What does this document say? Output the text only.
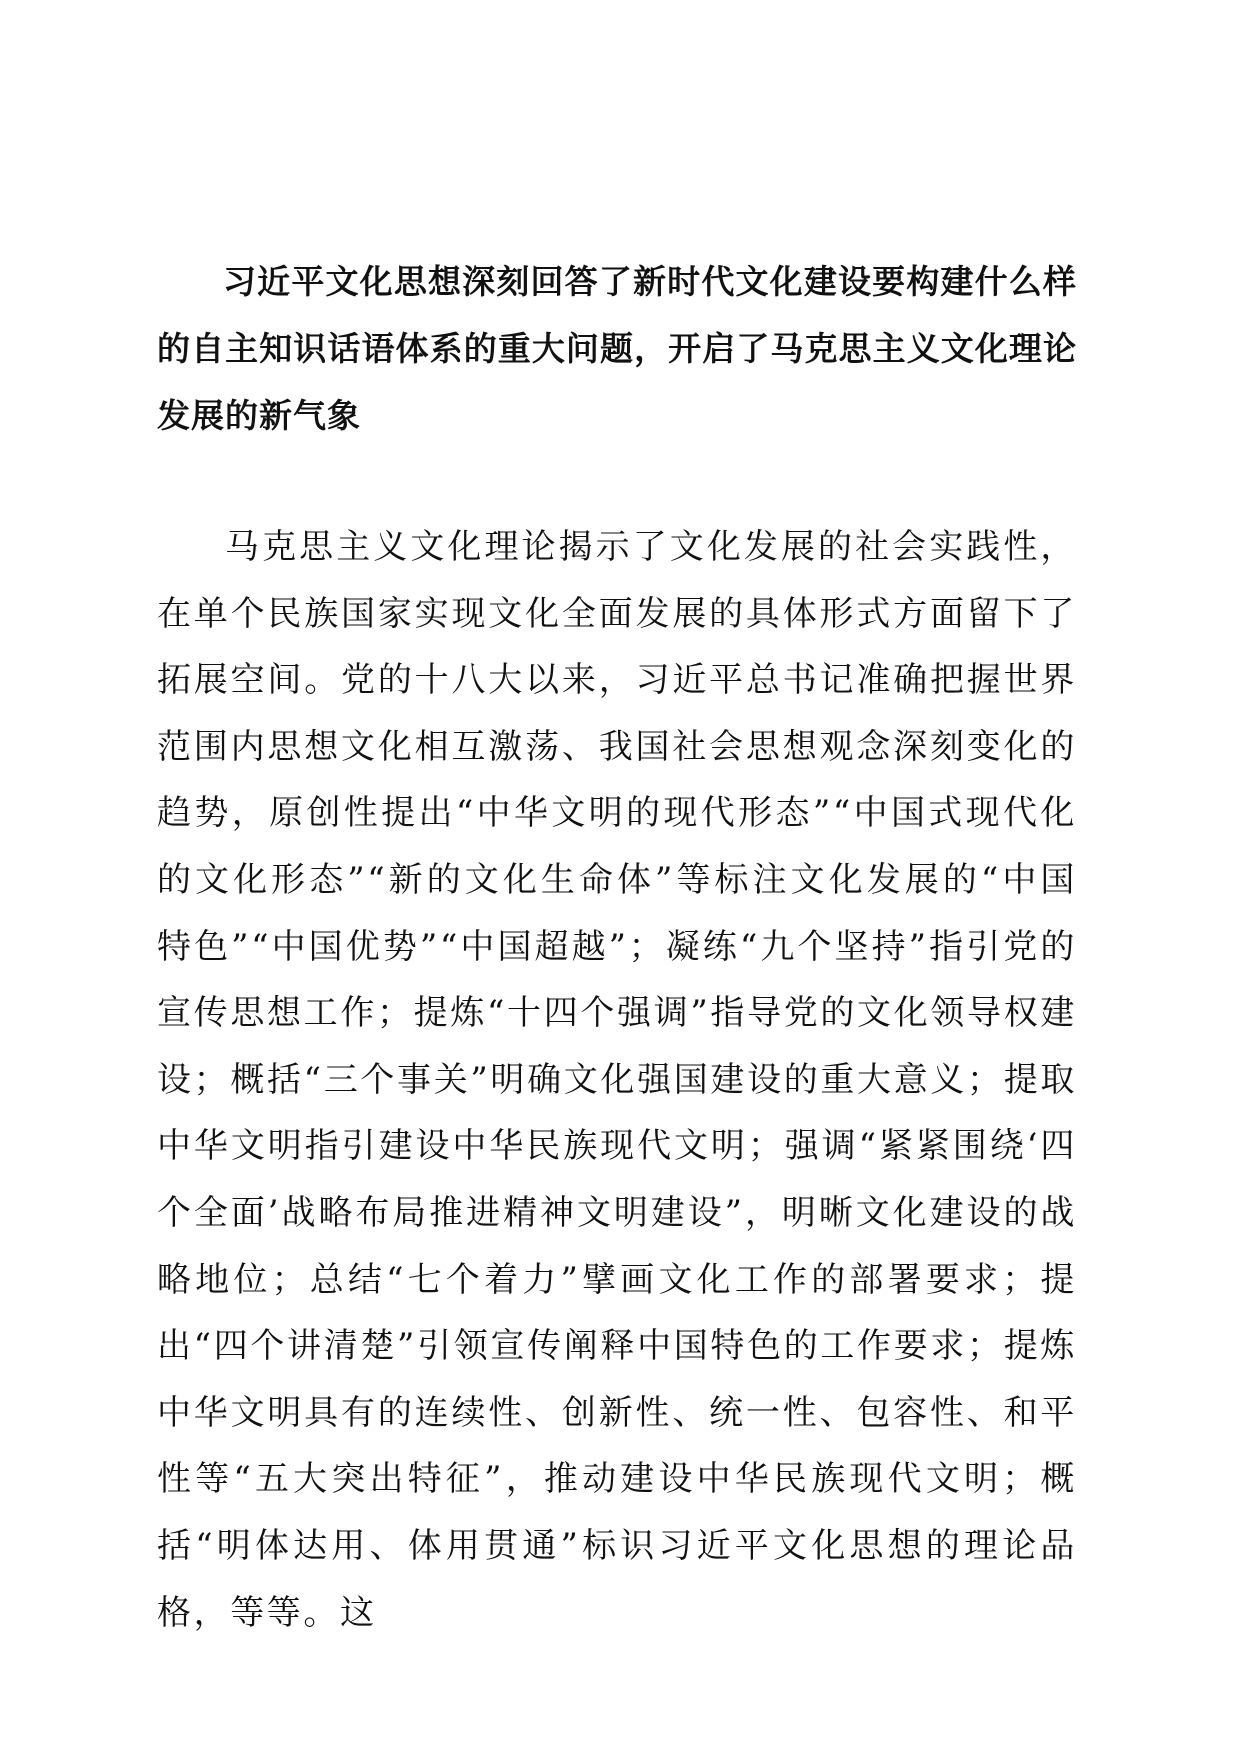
习近平文化思想深刻回答了新时代文化建设要构建什么样的自主知识话语体系的重大问题，开启了马克思主义文化理论发展的新气象

马克思主义文化理论揭示了文化发展的社会实践性，在单个民族国家实现文化全面发展的具体形式方面留下了拓展空间。党的十八大以来，习近平总书记准确把握世界范围内思想文化相互激荡、我国社会思想观念深刻变化的趋势，原创性提出“中华文明的现代形态”“中国式现代化的文化形态”“新的文化生命体”等标注文化发展的“中国特色”“中国优势”“中国超越”；凝练“九个坚持”指引党的宣传思想工作；提炼“十四个强调”指导党的文化领导权建设；概括“三个事关”明确文化强国建设的重大意义；提取中华文明指引建设中华民族现代文明；强调“紧紧围绕‘四个全面’战略布局推进精神文明建设”，明晰文化建设的战略地位；总结“七个着力”擘画文化工作的部署要求；提出“四个讲清楚”引领宣传阐释中国特色的工作要求；提炼中华文明具有的连续性、创新性、统一性、包容性、和平性等“五大突出特征”，推动建设中华民族现代文明；概括“明体达用、体用贯通”标识习近平文化思想的理论品格，等等。这
